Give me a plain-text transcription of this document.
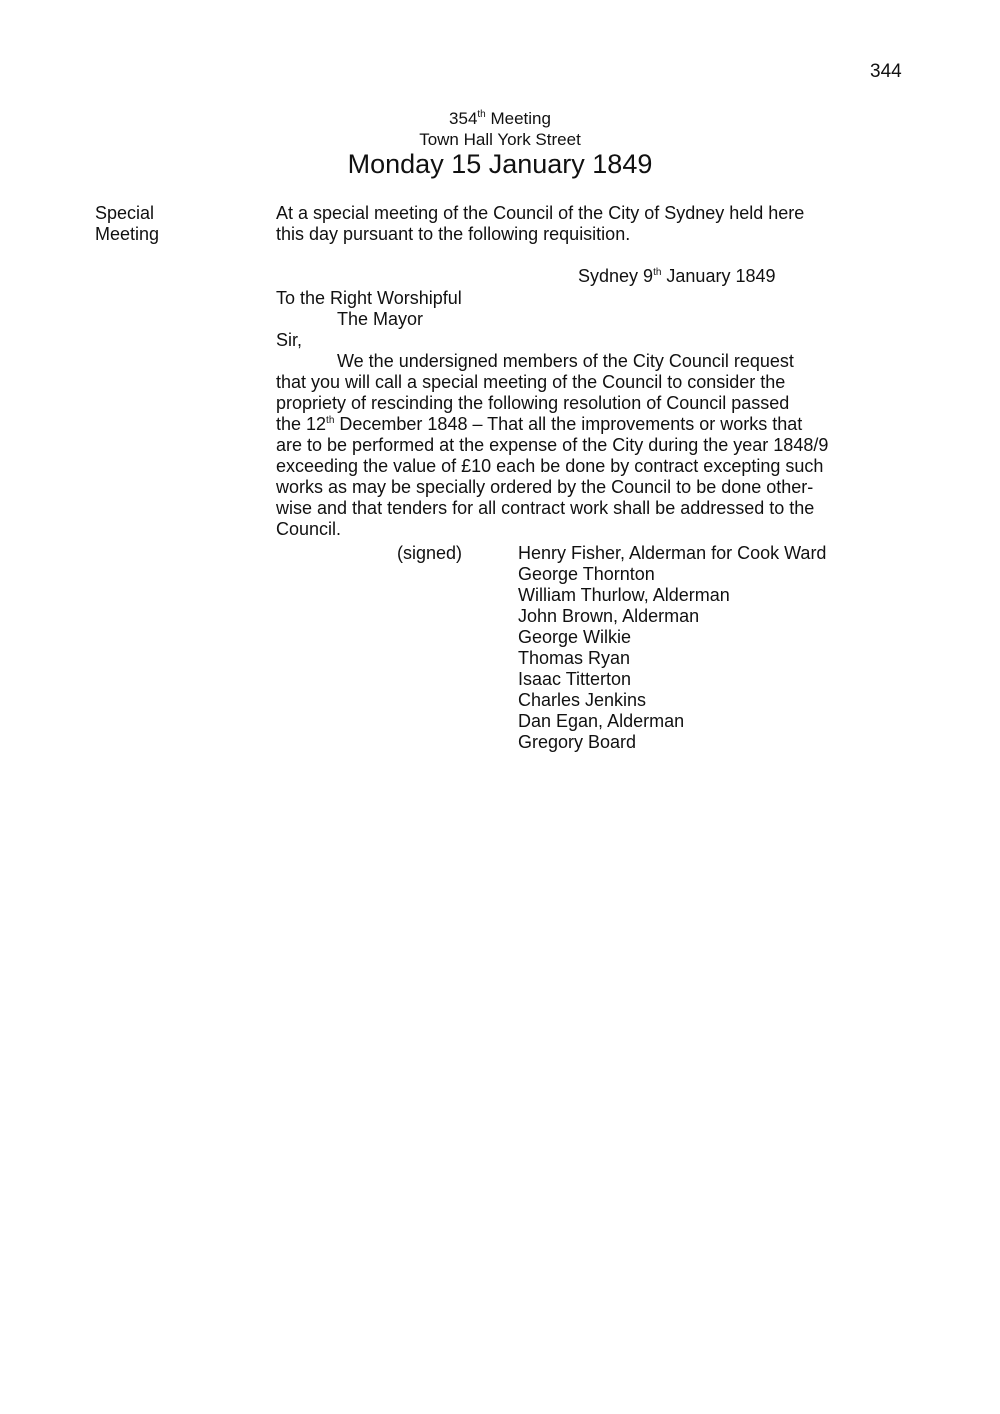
344
354th Meeting
Town Hall York Street
Monday 15 January 1849
Special
Meeting
At a special meeting of the Council of the City of Sydney held here
this day pursuant to the following requisition.
Sydney 9th January 1849
To the Right Worshipful
The Mayor
Sir,
We the undersigned members of the City Council request
that you will call a special meeting of the Council to consider the
propriety of rescinding the following resolution of Council passed
the 12th December 1848 – That all the improvements or works that
are to be performed at the expense of the City during the year 1848/9
exceeding the value of £10 each be done by contract excepting such
works as may be specially ordered by the Council to be done other-
wise and that tenders for all contract work shall be addressed to the
Council.
(signed)	Henry Fisher, Alderman for Cook Ward
George Thornton
William Thurlow, Alderman
John Brown, Alderman
George Wilkie
Thomas Ryan
Isaac Titterton
Charles Jenkins
Dan Egan, Alderman
Gregory Board
